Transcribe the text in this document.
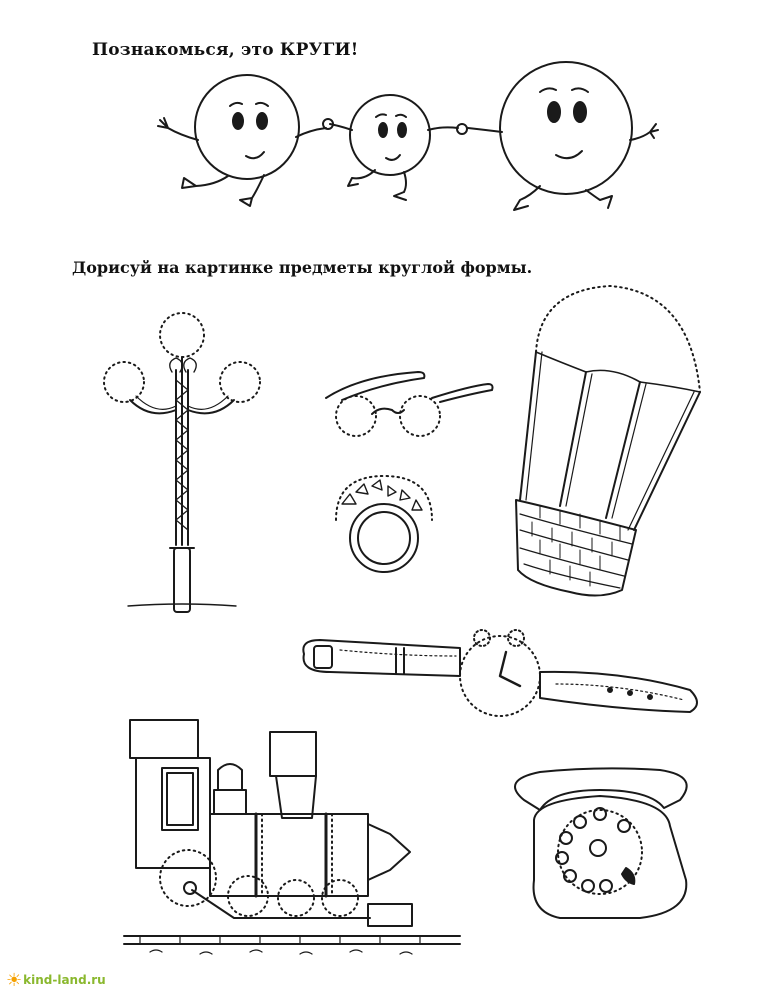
Познакомься, это КРУГИ!
Дорисуй на картинке предметы круглой формы.
☀kind-land.ru
